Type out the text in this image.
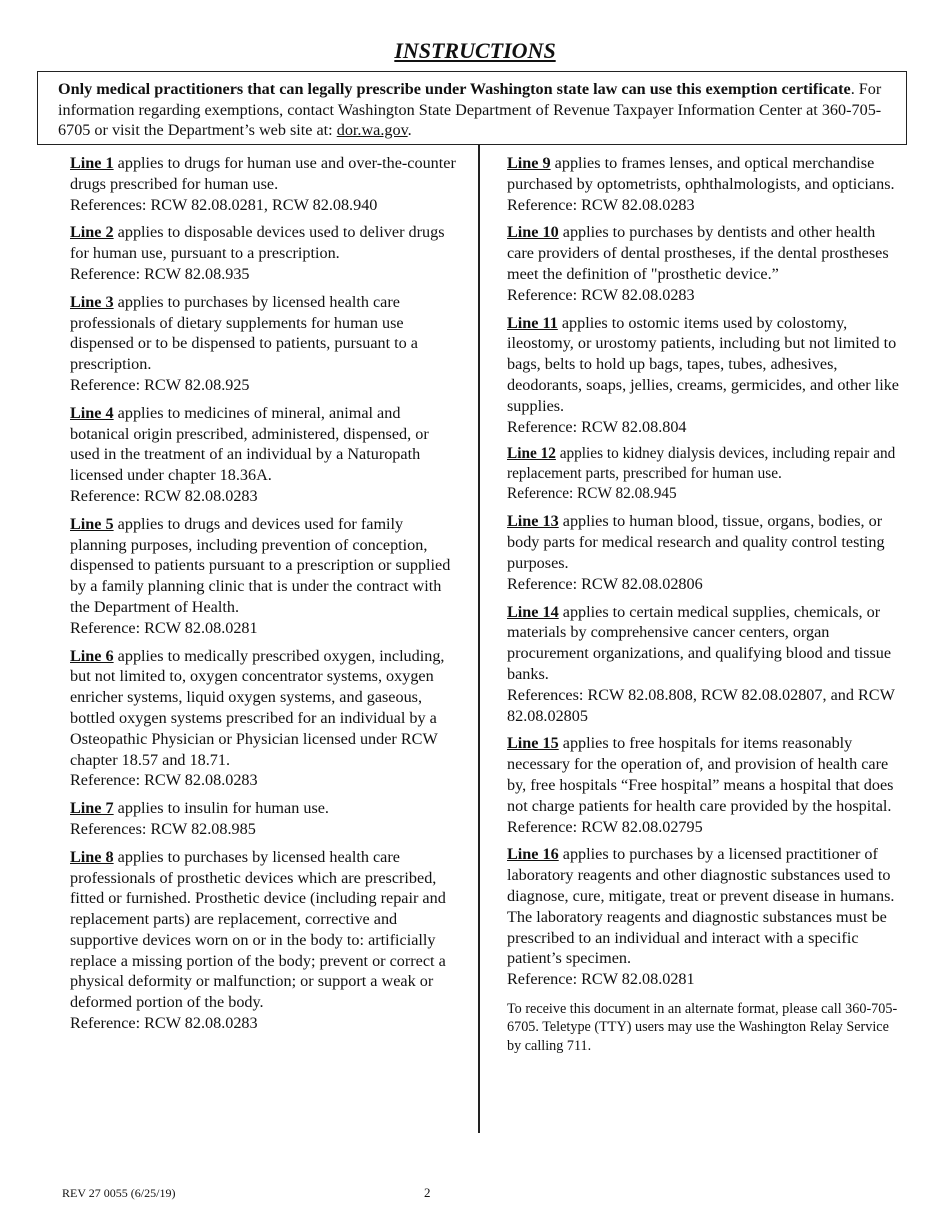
INSTRUCTIONS
Only medical practitioners that can legally prescribe under Washington state law can use this exemption certificate. For information regarding exemptions, contact Washington State Department of Revenue Taxpayer Information Center at 360-705-6705 or visit the Department’s web site at: dor.wa.gov.
Line 1 applies to drugs for human use and over-the-counter drugs prescribed for human use.
References: RCW 82.08.0281, RCW 82.08.940
Line 2 applies to disposable devices used to deliver drugs for human use, pursuant to a prescription.
Reference: RCW 82.08.935
Line 3 applies to purchases by licensed health care professionals of dietary supplements for human use dispensed or to be dispensed to patients, pursuant to a prescription.
Reference: RCW 82.08.925
Line 4 applies to medicines of mineral, animal and botanical origin prescribed, administered, dispensed, or used in the treatment of an individual by a Naturopath licensed under chapter 18.36A.
Reference: RCW 82.08.0283
Line 5 applies to drugs and devices used for family planning purposes, including prevention of conception, dispensed to patients pursuant to a prescription or supplied by a family planning clinic that is under the contract with the Department of Health.
Reference: RCW 82.08.0281
Line 6 applies to medically prescribed oxygen, including, but not limited to, oxygen concentrator systems, oxygen enricher systems, liquid oxygen systems, and gaseous, bottled oxygen systems prescribed for an individual by a Osteopathic Physician or Physician licensed under RCW chapter 18.57 and 18.71.
Reference: RCW 82.08.0283
Line 7 applies to insulin for human use.
References: RCW 82.08.985
Line 8 applies to purchases by licensed health care professionals of prosthetic devices which are prescribed, fitted or furnished. Prosthetic device (including repair and replacement parts) are replacement, corrective and supportive devices worn on or in the body to: artificially replace a missing portion of the body; prevent or correct a physical deformity or malfunction; or support a weak or deformed portion of the body.
Reference: RCW 82.08.0283
Line 9 applies to frames lenses, and optical merchandise purchased by optometrists, ophthalmologists, and opticians.
Reference: RCW 82.08.0283
Line 10 applies to purchases by dentists and other health care providers of dental prostheses, if the dental prostheses meet the definition of "prosthetic device.”
Reference: RCW 82.08.0283
Line 11 applies to ostomic items used by colostomy, ileostomy, or urostomy patients, including but not limited to bags, belts to hold up bags, tapes, tubes, adhesives, deodorants, soaps, jellies, creams, germicides, and other like supplies.
Reference: RCW 82.08.804
Line 12 applies to kidney dialysis devices, including repair and replacement parts, prescribed for human use.
Reference: RCW 82.08.945
Line 13 applies to human blood, tissue, organs, bodies, or body parts for medical research and quality control testing purposes.
Reference: RCW 82.08.02806
Line 14 applies to certain medical supplies, chemicals, or materials by comprehensive cancer centers, organ procurement organizations, and qualifying blood and tissue banks.
References: RCW 82.08.808, RCW 82.08.02807, and RCW 82.08.02805
Line 15 applies to free hospitals for items reasonably necessary for the operation of, and provision of health care by, free hospitals “Free hospital” means a hospital that does not charge patients for health care provided by the hospital.
Reference: RCW 82.08.02795
Line 16 applies to purchases by a licensed practitioner of laboratory reagents and other diagnostic substances used to diagnose, cure, mitigate, treat or prevent disease in humans. The laboratory reagents and diagnostic substances must be prescribed to an individual and interact with a specific patient’s specimen.
Reference: RCW 82.08.0281
To receive this document in an alternate format, please call 360-705-6705. Teletype (TTY) users may use the Washington Relay Service by calling 711.
REV 27 0055 (6/25/19)	2
